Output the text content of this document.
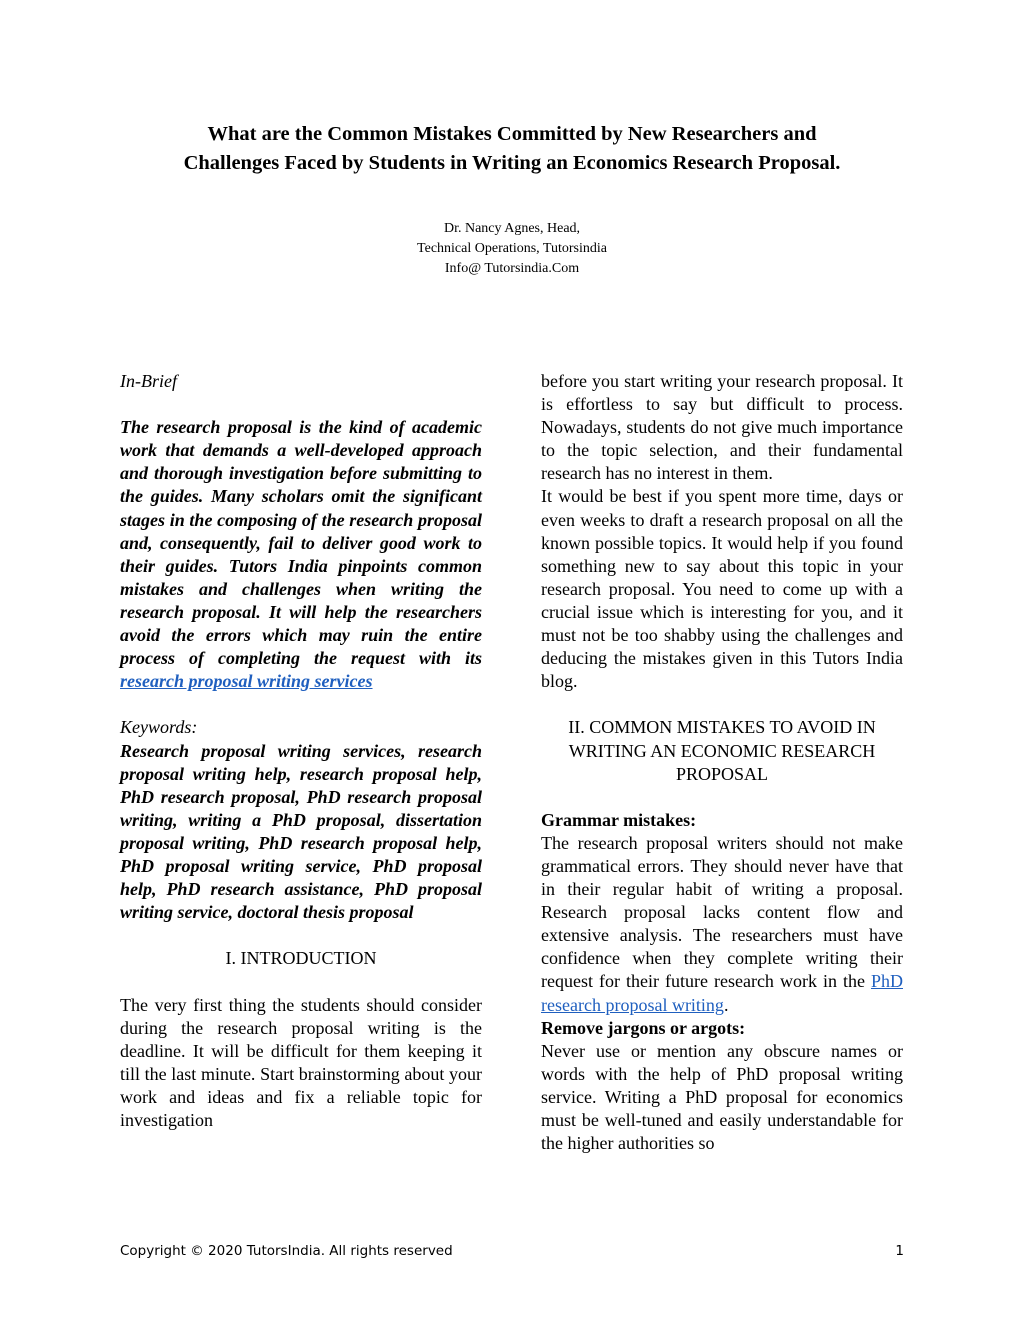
What are the Common Mistakes Committed by New Researchers and
Challenges Faced by Students in Writing an Economics Research Proposal.
Dr. Nancy Agnes, Head,
Technical Operations, Tutorsindia
Info@ Tutorsindia.Com

In-Brief

The research proposal is the kind of academic work that demands a well-developed approach and thorough investigation before submitting to the guides. Many scholars omit the significant stages in the composing of the research proposal and, consequently, fail to deliver good work to their guides. Tutors India pinpoints common mistakes and challenges when writing the research proposal. It will help the researchers avoid the errors which may ruin the entire process of completing the request with its research proposal writing services

Keywords:

Research proposal writing services, research proposal writing help, research proposal help, PhD research proposal, PhD research proposal writing, writing a PhD proposal, dissertation proposal writing, PhD research proposal help, PhD proposal writing service, PhD proposal help, PhD research assistance, PhD proposal writing service, doctoral thesis proposal

I. INTRODUCTION

The very first thing the students should consider during the research proposal writing is the deadline. It will be difficult for them keeping it till the last minute. Start brainstorming about your work and ideas and fix a reliable topic for investigation

before you start writing your research proposal. It is effortless to say but difficult to process. Nowadays, students do not give much importance to the topic selection, and their fundamental research has no interest in them.

It would be best if you spent more time, days or even weeks to draft a research proposal on all the known possible topics. It would help if you found something new to say about this topic in your research proposal. You need to come up with a crucial issue which is interesting for you, and it must not be too shabby using the challenges and deducing the mistakes given in this Tutors India blog.

II. COMMON MISTAKES TO AVOID IN
WRITING AN ECONOMIC RESEARCH
PROPOSAL

Grammar mistakes:

The research proposal writers should not make grammatical errors. They should never have that in their regular habit of writing a proposal. Research proposal lacks content flow and extensive analysis. The researchers must have confidence when they complete writing their request for their future research work in the PhD research proposal writing.

Remove jargons or argots:

Never use or mention any obscure names or words with the help of PhD proposal writing service. Writing a PhD proposal for economics must be well-tuned and easily understandable for the higher authorities so

Copyright © 2020 TutorsIndia. All rights reserved	1
